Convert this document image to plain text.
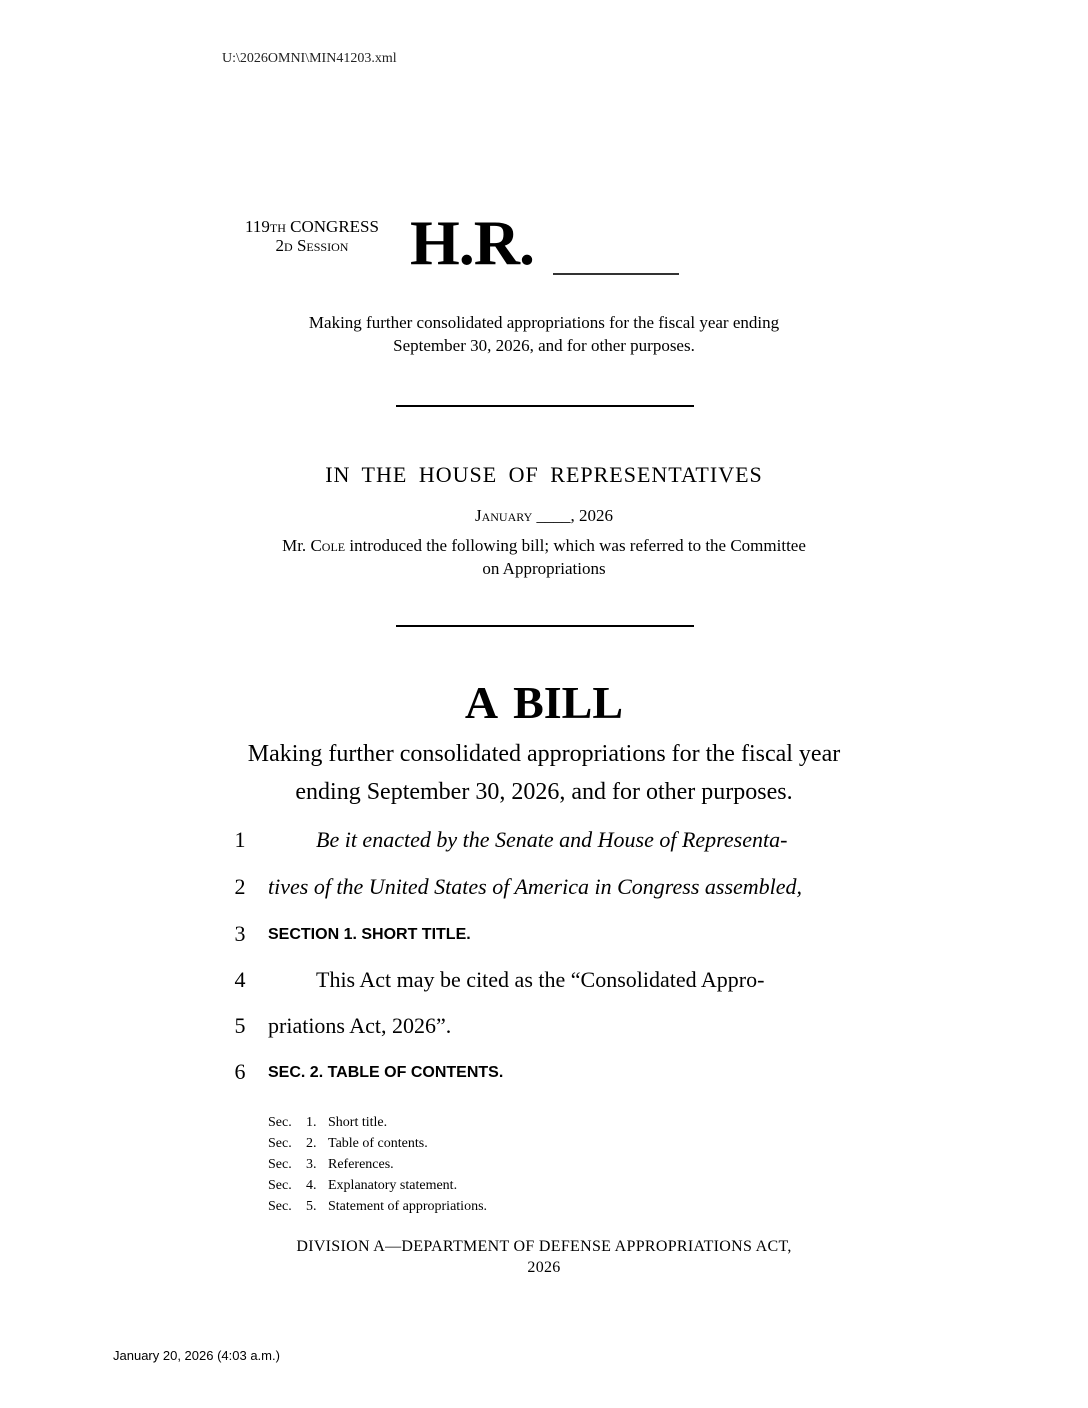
U:\2026OMNI\MIN41203.xml
119th CONGRESS
2d Session H.R.
Making further consolidated appropriations for the fiscal year ending
September 30, 2026, and for other purposes.
IN THE HOUSE OF REPRESENTATIVES
January ____, 2026
Mr. Cole introduced the following bill; which was referred to the Committee
on Appropriations
A BILL
Making further consolidated appropriations for the fiscal year
ending September 30, 2026, and for other purposes.
1	Be it enacted by the Senate and House of Representa-
2 tives of the United States of America in Congress assembled,
3 SECTION 1. SHORT TITLE.
4	This Act may be cited as the “Consolidated Appro-
5 priations Act, 2026”.
6 SEC. 2. TABLE OF CONTENTS.
Sec.	1. Short title.
Sec.	2. Table of contents.
Sec.	3. References.
Sec.	4. Explanatory statement.
Sec.	5. Statement of appropriations.
DIVISION A—DEPARTMENT OF DEFENSE APPROPRIATIONS ACT,
2026
January 20, 2026 (4:03 a.m.)
